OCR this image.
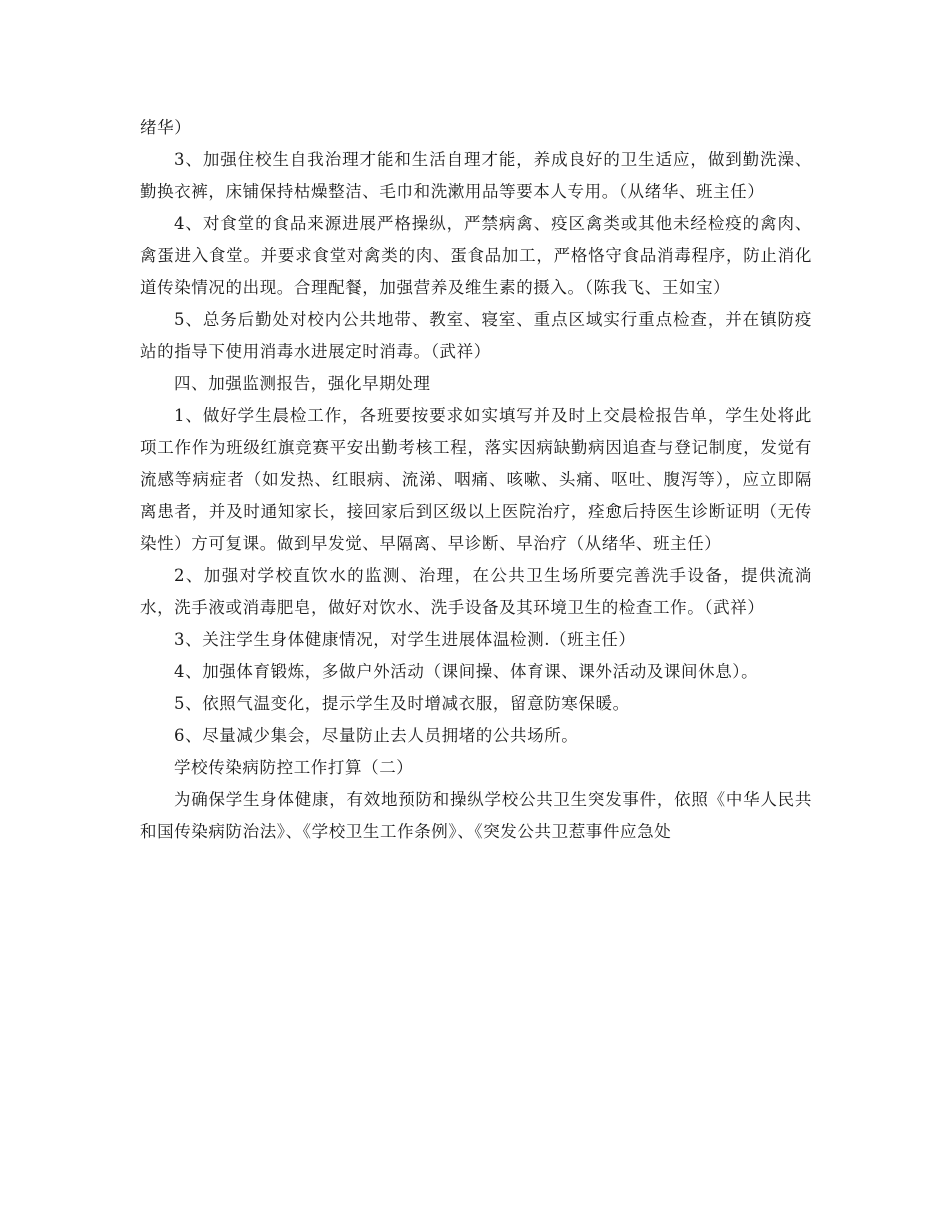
绪华）

3、加强住校生自我治理才能和生活自理才能，养成良好的卫生适应，做到勤洗澡、勤换衣裤，床铺保持枯燥整洁、毛巾和洗漱用品等要本人专用。（从绪华、班主任）

4、对食堂的食品来源进展严格操纵，严禁病禽、疫区禽类或其他未经检疫的禽肉、禽蛋进入食堂。并要求食堂对禽类的肉、蛋食品加工，严格恪守食品消毒程序，防止消化道传染情况的出现。合理配餐，加强营养及维生素的摄入。（陈我飞、王如宝）

5、总务后勤处对校内公共地带、教室、寝室、重点区域实行重点检查，并在镇防疫站的指导下使用消毒水进展定时消毒。（武祥）

四、加强监测报告，强化早期处理

1、做好学生晨检工作，各班要按要求如实填写并及时上交晨检报告单，学生处将此项工作作为班级红旗竞赛平安出勤考核工程，落实因病缺勤病因追查与登记制度，发觉有流感等病症者（如发热、红眼病、流涕、咽痛、咳嗽、头痛、呕吐、腹泻等），应立即隔离患者，并及时通知家长，接回家后到区级以上医院治疗，痊愈后持医生诊断证明（无传染性）方可复课。做到早发觉、早隔离、早诊断、早治疗（从绪华、班主任）

2、加强对学校直饮水的监测、治理，在公共卫生场所要完善洗手设备，提供流淌水，洗手液或消毒肥皂，做好对饮水、洗手设备及其环境卫生的检查工作。（武祥）

3、关注学生身体健康情况，对学生进展体温检测.（班主任）

4、加强体育锻炼，多做户外活动（课间操、体育课、课外活动及课间休息）。

5、依照气温变化，提示学生及时增减衣服，留意防寒保暖。

6、尽量减少集会，尽量防止去人员拥堵的公共场所。

学校传染病防控工作打算（二）

为确保学生身体健康，有效地预防和操纵学校公共卫生突发事件，依照《中华人民共和国传染病防治法》、《学校卫生工作条例》、《突发公共卫惹事件应急处
